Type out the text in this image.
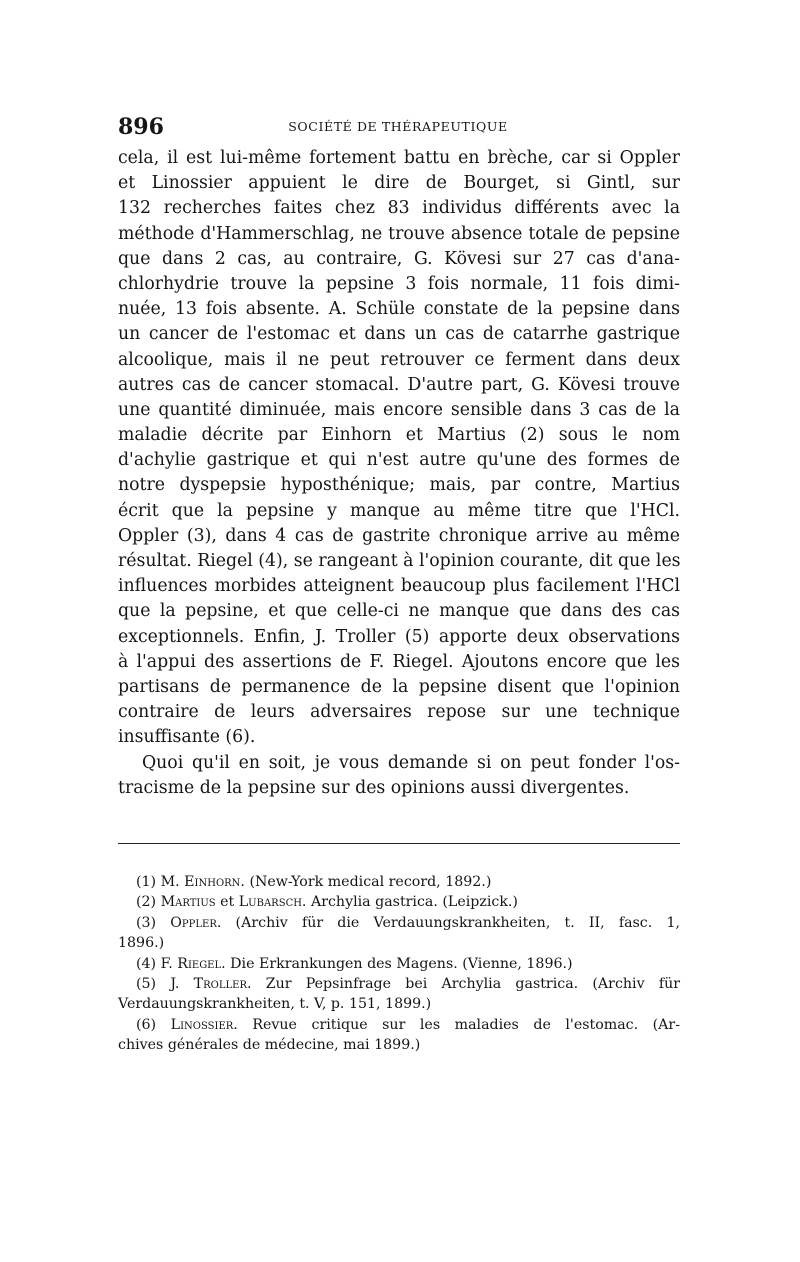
896	SOCIÉTÉ DE THÉRAPEUTIQUE

cela, il est lui-même fortement battu en brèche, car si Oppler
et Linossier appuient le dire de Bourget, si Gintl, sur
132 recherches faites chez 83 individus différents avec la
méthode d'Hammerschlag, ne trouve absence totale de pepsine
que dans 2 cas, au contraire, G. Kövesi sur 27 cas d'ana-
chlorhydrie trouve la pepsine 3 fois normale, 11 fois dimi-
nuée, 13 fois absente. A. Schüle constate de la pepsine dans
un cancer de l'estomac et dans un cas de catarrhe gastrique
alcoolique, mais il ne peut retrouver ce ferment dans deux
autres cas de cancer stomacal. D'autre part, G. Kövesi trouve
une quantité diminuée, mais encore sensible dans 3 cas de la
maladie décrite par Einhorn et Martius (2) sous le nom
d'achylie gastrique et qui n'est autre qu'une des formes de
notre dyspepsie hyposthénique; mais, par contre, Martius
écrit que la pepsine y manque au même titre que l'HCl.
Oppler (3), dans 4 cas de gastrite chronique arrive au même
résultat. Riegel (4), se rangeant à l'opinion courante, dit que les
influences morbides atteignent beaucoup plus facilement l'HCl
que la pepsine, et que celle-ci ne manque que dans des cas
exceptionnels. Enfin, J. Troller (5) apporte deux observations
à l'appui des assertions de F. Riegel. Ajoutons encore que les
partisans de permanence de la pepsine disent que l'opinion
contraire de leurs adversaires repose sur une technique
insuffisante (6).

Quoi qu'il en soit, je vous demande si on peut fonder l'os-
tracisme de la pepsine sur des opinions aussi divergentes.

(1) M. Einhorn. (New-York medical record, 1892.)

(2) Martius et Lubarsch. Archylia gastrica. (Leipzick.)

(3) Oppler. (Archiv für die Verdauungskrankheiten, t. II, fasc. 1,
1896.)

(4) F. Riegel. Die Erkrankungen des Magens. (Vienne, 1896.)

(5) J. Troller. Zur Pepsinfrage bei Archylia gastrica. (Archiv für
Verdauungskrankheiten, t. V, p. 151, 1899.)

(6) Linossier. Revue critique sur les maladies de l'estomac. (Ar-
chives générales de médecine, mai 1899.)
